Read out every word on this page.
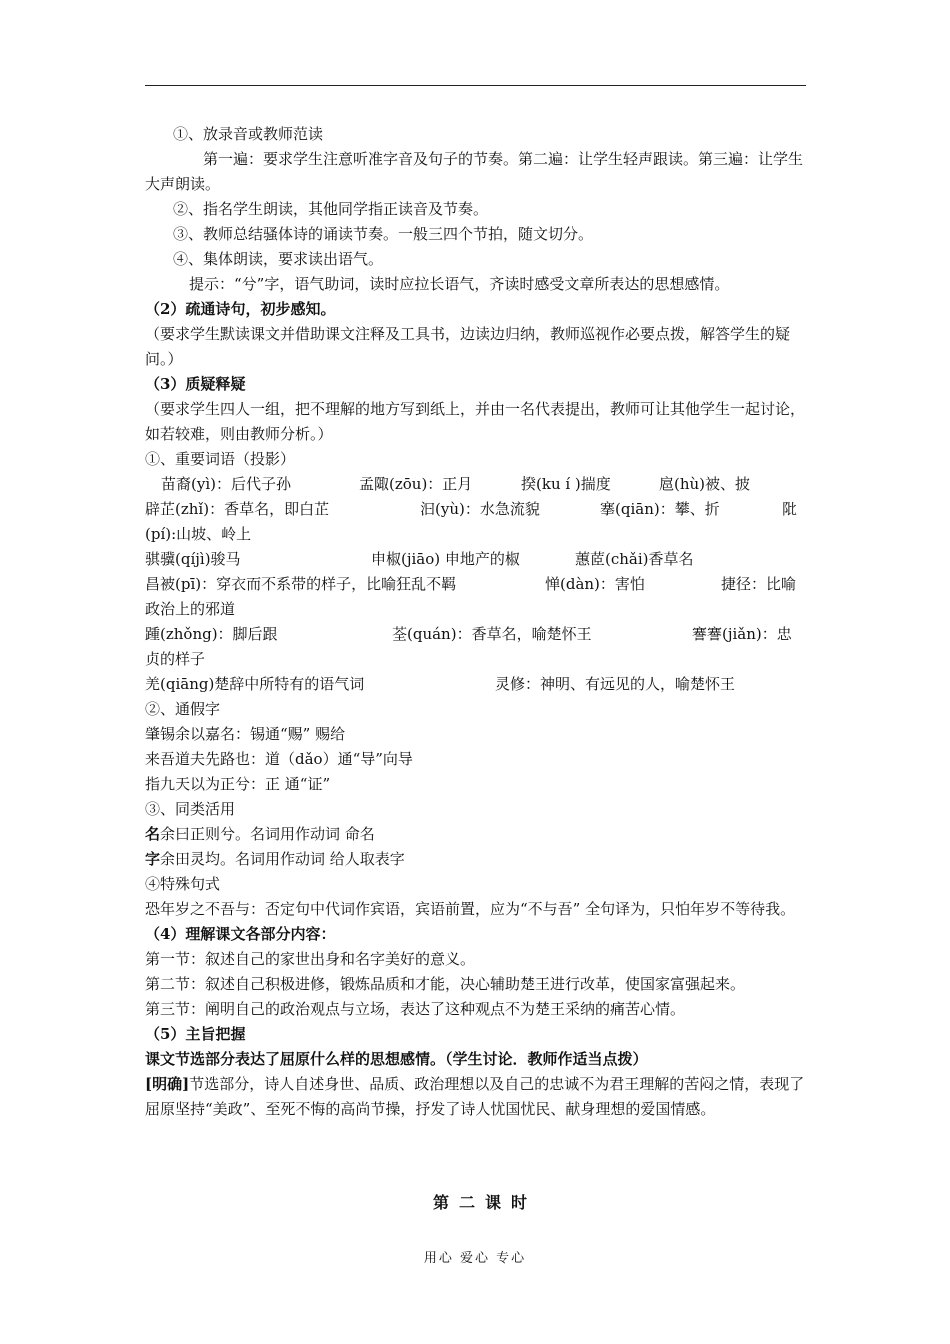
①、放录音或教师范读

第一遍：要求学生注意听准字音及句子的节奏。第二遍：让学生轻声跟读。第三遍：让学生大声朗读。

②、指名学生朗读，其他同学指正读音及节奏。

③、教师总结骚体诗的诵读节奏。一般三四个节拍，随文切分。

④、集体朗读，要求读出语气。

提示：“兮”字，语气助词，读时应拉长语气，齐读时感受文章所表达的思想感情。

（2）疏通诗句，初步感知。

（要求学生默读课文并借助课文注释及工具书，边读边归纳，教师巡视作必要点拨，解答学生的疑问。）

（3）质疑释疑

（要求学生四人一组，把不理解的地方写到纸上，并由一名代表提出，教师可让其他学生一起讨论，如若较难，则由教师分析。）

①、重要词语（投影）

苗裔(yì)：后代子孙	孟陬(zōu)：正月	揆(ku í )揣度	扈(hù)被、披
辟芷(zhǐ)：香草名，即白芷	汩(yù)：水急流貌	搴(qiān)：攀、折	阰

(pí):山坡、岭上

骐骥(qíjì)骏马	申椒(jiāo) 申地产的椒	蕙茝(chǎi)香草名
昌被(pī)：穿衣而不系带的样子，比喻狂乱不羁	惮(dàn)：害怕	捷径：比喻

政治上的邪道

踵(zhǒng)：脚后跟	荃(quán)：香草名，喻楚怀王	謇謇(jiǎn)：忠

贞的样子

羌(qiāng)楚辞中所特有的语气词	灵修：神明、有远见的人，喻楚怀王

②、通假字

肇锡余以嘉名：锡通“赐” 赐给

来吾道夫先路也：道（dǎo）通“导”向导

指九天以为正兮：正 通“证”

③、同类活用

名余曰正则兮。名词用作动词 命名

字余田灵均。名词用作动词 给人取表字

④特殊句式

恐年岁之不吾与：否定句中代词作宾语，宾语前置，应为“不与吾” 全句译为，只怕年岁不等待我。

（4）理解课文各部分内容：

第一节：叙述自己的家世出身和名字美好的意义。

第二节：叙述自己积极进修，锻炼品质和才能，决心辅助楚王进行改革，使国家富强起来。

第三节：阐明自己的政治观点与立场，表达了这种观点不为楚王采纳的痛苦心情。

（5）主旨把握

课文节选部分表达了屈原什么样的思想感情。（学生讨论．教师作适当点拨）

[明确]节选部分，诗人自述身世、品质、政治理想以及自己的忠诚不为君王理解的苦闷之情，表现了屈原坚持“美政”、至死不悔的高尚节操，抒发了诗人忧国忧民、献身理想的爱国情感。

第二课时
用心 爱心 专心
